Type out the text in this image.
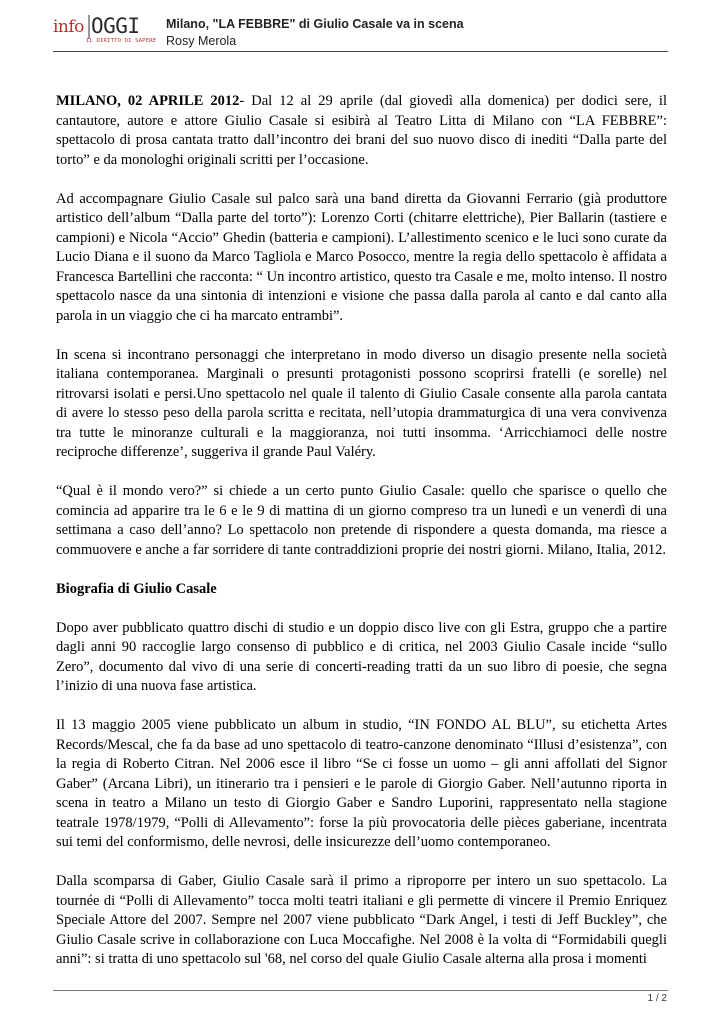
info OGGI
IL DIRITTO DI SAPERE
Milano, "LA FEBBRE" di Giulio Casale va in scena
Rosy Merola

MILANO, 02 APRILE 2012- Dal 12 al 29 aprile (dal giovedì alla domenica) per dodici sere, il cantautore, autore e attore Giulio Casale si esibirà al Teatro Litta di Milano con “LA FEBBRE”: spettacolo di prosa cantata tratto dall’incontro dei brani del suo nuovo disco di inediti “Dalla parte del torto” e da monologhi originali scritti per l’occasione.

Ad accompagnare Giulio Casale sul palco sarà una band diretta da Giovanni Ferrario (già produttore artistico dell’album “Dalla parte del torto”): Lorenzo Corti (chitarre elettriche), Pier Ballarin (tastiere e campioni) e Nicola “Accio” Ghedin (batteria e campioni). L’allestimento scenico e le luci sono curate da Lucio Diana e il suono da Marco Tagliola e Marco Posocco, mentre la regia dello spettacolo è affidata a Francesca Bartellini che racconta: “ Un incontro artistico, questo tra Casale e me, molto intenso. Il nostro spettacolo nasce da una sintonia di intenzioni e visione che passa dalla parola al canto e dal canto alla parola in un viaggio che ci ha marcato entrambi”.

In scena si incontrano personaggi che interpretano in modo diverso un disagio presente nella società italiana contemporanea. Marginali o presunti protagonisti possono scoprirsi fratelli (e sorelle) nel ritrovarsi isolati e persi.Uno spettacolo nel quale il talento di Giulio Casale consente alla parola cantata di avere lo stesso peso della parola scritta e recitata, nell’utopia drammaturgica di una vera convivenza tra tutte le minoranze culturali e la maggioranza, noi tutti insomma. ‘Arricchiamoci delle nostre reciproche differenze’, suggeriva il grande Paul Valéry.

“Qual è il mondo vero?” si chiede a un certo punto Giulio Casale: quello che sparisce o quello che comincia ad apparire tra le 6 e le 9 di mattina di un giorno compreso tra un lunedì e un venerdì di una settimana a caso dell’anno? Lo spettacolo non pretende di rispondere a questa domanda, ma riesce a commuovere e anche a far sorridere di tante contraddizioni proprie dei nostri giorni. Milano, Italia, 2012.

Biografia di Giulio Casale

Dopo aver pubblicato quattro dischi di studio e un doppio disco live con gli Estra, gruppo che a partire dagli anni 90 raccoglie largo consenso di pubblico e di critica, nel 2003 Giulio Casale incide “sullo Zero”, documento dal vivo di una serie di concerti-reading tratti da un suo libro di poesie, che segna l’inizio di una nuova fase artistica.

Il 13 maggio 2005 viene pubblicato un album in studio, “IN FONDO AL BLU”, su etichetta Artes Records/Mescal, che fa da base ad uno spettacolo di teatro-canzone denominato “Illusi d’esistenza”, con la regia di Roberto Citran. Nel 2006 esce il libro “Se ci fosse un uomo – gli anni affollati del Signor Gaber” (Arcana Libri), un itinerario tra i pensieri e le parole di Giorgio Gaber. Nell’autunno riporta in scena in teatro a Milano un testo di Giorgio Gaber e Sandro Luporini, rappresentato nella stagione teatrale 1978/1979, “Polli di Allevamento”: forse la più provocatoria delle pièces gaberiane, incentrata sui temi del conformismo, delle nevrosi, delle insicurezze dell’uomo contemporaneo.

Dalla scomparsa di Gaber, Giulio Casale sarà il primo a riproporre per intero un suo spettacolo. La tournée di “Polli di Allevamento” tocca molti teatri italiani e gli permette di vincere il Premio Enriquez Speciale Attore del 2007. Sempre nel 2007 viene pubblicato “Dark Angel, i testi di Jeff Buckley”, che Giulio Casale scrive in collaborazione con Luca Moccafighe. Nel 2008 è la volta di “Formidabili quegli anni”: si tratta di uno spettacolo sul '68, nel corso del quale Giulio Casale alterna alla prosa i momenti

1 / 2
